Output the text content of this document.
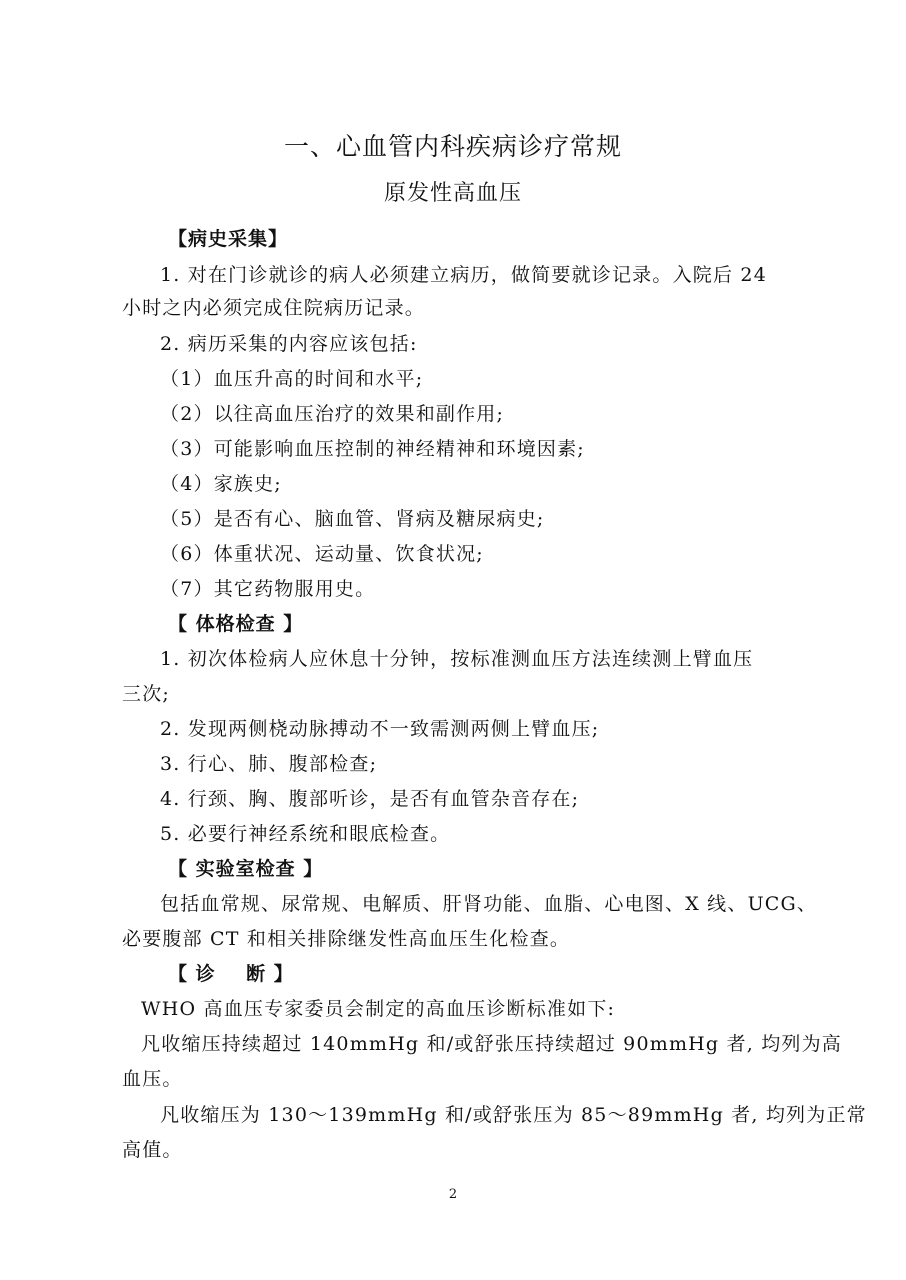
一、心血管内科疾病诊疗常规
原发性高血压
【病史采集】
1. 对在门诊就诊的病人必须建立病历，做简要就诊记录。入院后 24
小时之内必须完成住院病历记录。
2. 病历采集的内容应该包括:
（1）血压升高的时间和水平;
（2）以往高血压治疗的效果和副作用;
（3）可能影响血压控制的神经精神和环境因素;
（4）家族史;
（5）是否有心、脑血管、肾病及糖尿病史;
（6）体重状况、运动量、饮食状况;
（7）其它药物服用史。
【 体格检查 】
1. 初次体检病人应休息十分钟，按标准测血压方法连续测上臂血压
三次;
2. 发现两侧桡动脉搏动不一致需测两侧上臂血压;
3. 行心、肺、腹部检查;
4. 行颈、胸、腹部听诊，是否有血管杂音存在;
5. 必要行神经系统和眼底检查。
【 实验室检查 】
包括血常规、尿常规、电解质、肝肾功能、血脂、心电图、X 线、UCG、
必要腹部 CT 和相关排除继发性高血压生化检查。
【 诊    断 】
WHO 高血压专家委员会制定的高血压诊断标准如下:
凡收缩压持续超过 140mmHg 和/或舒张压持续超过 90mmHg 者, 均列为高
血压。
凡收缩压为 130～139mmHg 和/或舒张压为 85～89mmHg 者, 均列为正常
高值。
2
